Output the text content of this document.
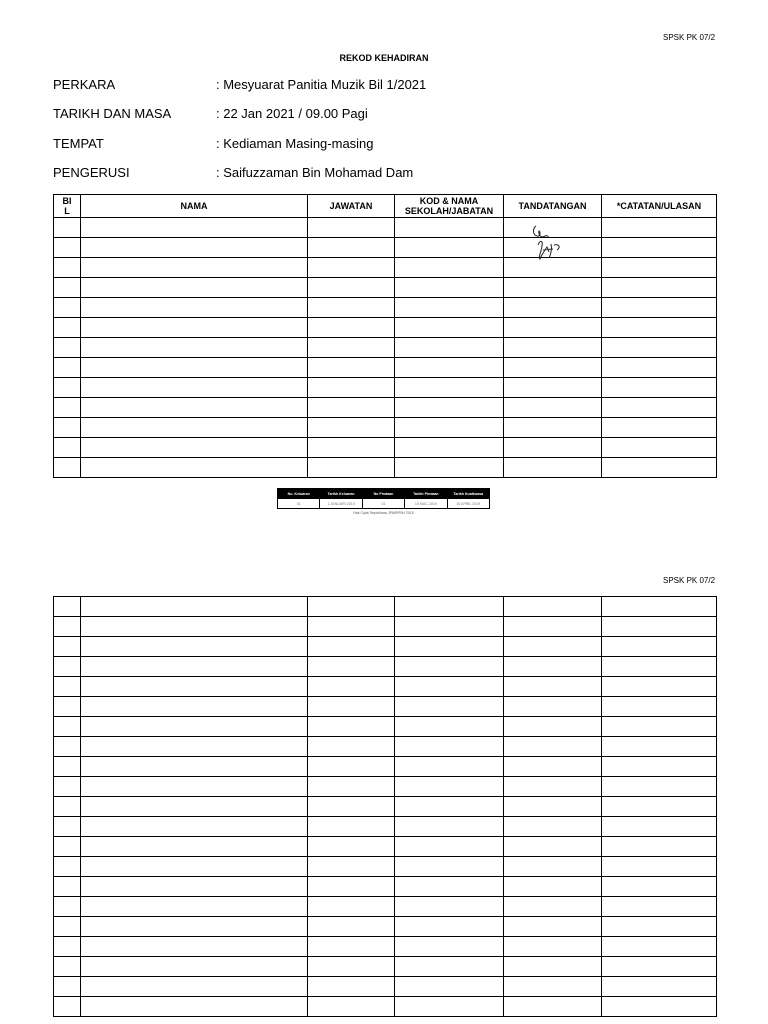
SPSK PK 07/2
REKOD KEHADIRAN
PERKARA	: Mesyuarat Panitia Muzik Bil 1/2021
TARIKH DAN MASA	: 22 Jan 2021 / 09.00 Pagi
TEMPAT	: Kediaman Masing-masing
PENGERUSI	: Saifuzzaman Bin Mohamad Dam
BI L	NAMA	JAWATAN	KOD & NAMA
SEKOLAH/JABATAN	TANDATANGAN	*CATATAN/ULASAN

No. Keluaran	Tarikh Keluaran	No Pindaan	Tarikh Pindaan	Tarikh Kuatkuasa
01	1 JANUARI 2019	01	15 MAC 2019	15 APRIL 2019
Hak Cipta Terpelihara JPN/BPSH 2015
SPSK PK 07/2
